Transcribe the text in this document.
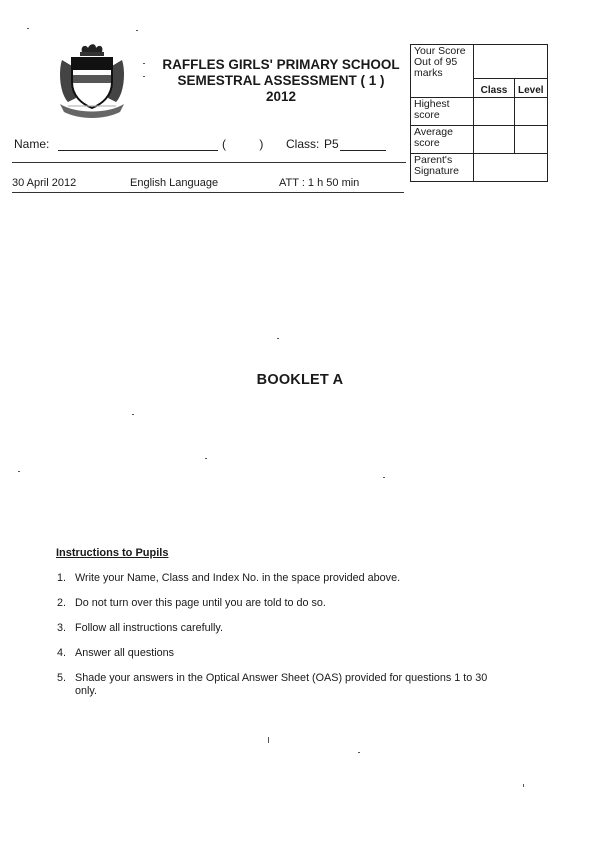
RAFFLES GIRLS' PRIMARY SCHOOL
SEMESTRAL ASSESSMENT ( 1 )
2012
Your Score Out of 95 marks		
	Class	Level
Highest score		
Average score		
Parent's Signature		
Name:	(          ) Class: P5
30 April 2012	English Language	ATT : 1 h 50 min
BOOKLET A
Instructions to Pupils
1. Write your Name, Class and Index No. in the space provided above.
2. Do not turn over this page until you are told to do so.
3. Follow all instructions carefully.
4. Answer all questions
5. Shade your answers in the Optical Answer Sheet (OAS) provided for questions 1 to 30 only.
